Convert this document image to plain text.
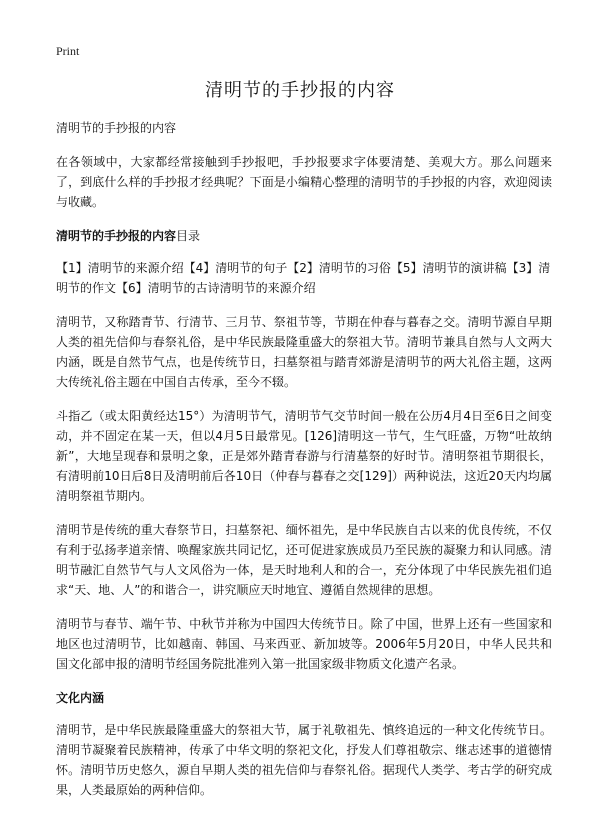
Print
清明节的手抄报的内容
清明节的手抄报的内容

在各领域中，大家都经常接触到手抄报吧，手抄报要求字体要清楚、美观大方。那么问题来了，到底什么样的手抄报才经典呢？下面是小编精心整理的清明节的手抄报的内容，欢迎阅读与收藏。

清明节的手抄报的内容目录
【1】清明节的来源介绍【4】清明节的句子【2】清明节的习俗【5】清明节的演讲稿【3】清明节的作文【6】清明节的古诗清明节的来源介绍

清明节，又称踏青节、行清节、三月节、祭祖节等，节期在仲春与暮春之交。清明节源自早期人类的祖先信仰与春祭礼俗，是中华民族最隆重盛大的祭祖大节。清明节兼具自然与人文两大内涵，既是自然节气点，也是传统节日，扫墓祭祖与踏青郊游是清明节的两大礼俗主题，这两大传统礼俗主题在中国自古传承，至今不辍。

斗指乙（或太阳黄经达15°）为清明节气，清明节气交节时间一般在公历4月4日至6日之间变动，并不固定在某一天，但以4月5日最常见。[126]清明这一节气，生气旺盛，万物“吐故纳新”，大地呈现春和景明之象，正是郊外踏青春游与行清墓祭的好时节。清明祭祖节期很长，有清明前10日后8日及清明前后各10日（仲春与暮春之交[129]）两种说法，这近20天内均属清明祭祖节期内。

清明节是传统的重大春祭节日，扫墓祭祀、缅怀祖先，是中华民族自古以来的优良传统，不仅有利于弘扬孝道亲情、唤醒家族共同记忆，还可促进家族成员乃至民族的凝聚力和认同感。清明节融汇自然节气与人文风俗为一体，是天时地利人和的合一，充分体现了中华民族先祖们追求“天、地、人”的和谐合一，讲究顺应天时地宜、遵循自然规律的思想。

清明节与春节、端午节、中秋节并称为中国四大传统节日。除了中国，世界上还有一些国家和地区也过清明节，比如越南、韩国、马来西亚、新加坡等。2006年5月20日，中华人民共和国文化部申报的清明节经国务院批准列入第一批国家级非物质文化遗产名录。

文化内涵

清明节，是中华民族最隆重盛大的祭祖大节，属于礼敬祖先、慎终追远的一种文化传统节日。清明节凝聚着民族精神，传承了中华文明的祭祀文化，抒发人们尊祖敬宗、继志述事的道德情怀。清明节历史悠久，源自早期人类的祖先信仰与春祭礼俗。据现代人类学、考古学的研究成果，人类最原始的两种信仰。
